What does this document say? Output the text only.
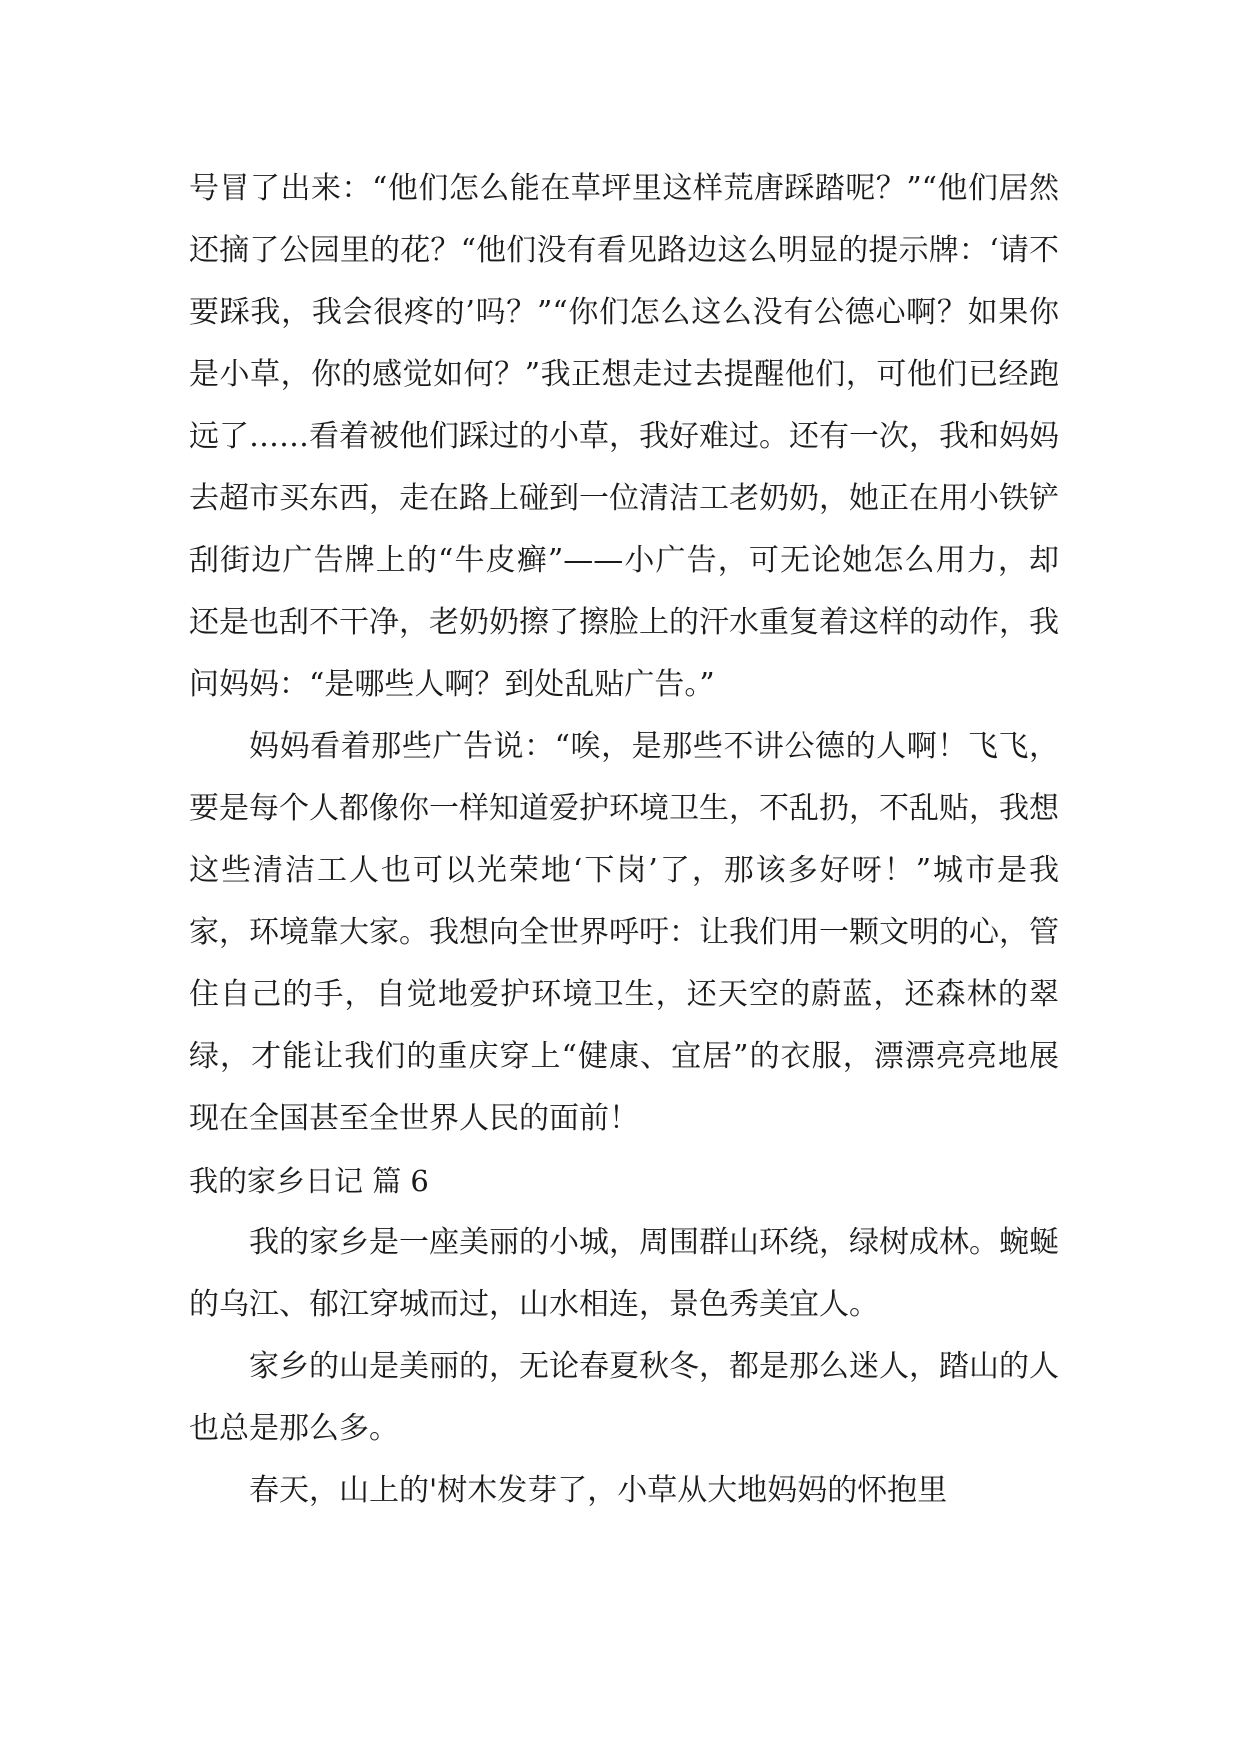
号冒了出来：“他们怎么能在草坪里这样荒唐踩踏呢？”“他们居然还摘了公园里的花？“他们没有看见路边这么明显的提示牌：‘请不要踩我，我会很疼的’吗？”“你们怎么这么没有公德心啊？如果你是小草，你的感觉如何？”我正想走过去提醒他们，可他们已经跑远了……看着被他们踩过的小草，我好难过。还有一次，我和妈妈去超市买东西，走在路上碰到一位清洁工老奶奶，她正在用小铁铲刮街边广告牌上的“牛皮癣”——小广告，可无论她怎么用力，却还是也刮不干净，老奶奶擦了擦脸上的汗水重复着这样的动作，我问妈妈：“是哪些人啊？到处乱贴广告。”

妈妈看着那些广告说：“唉，是那些不讲公德的人啊！飞飞，要是每个人都像你一样知道爱护环境卫生，不乱扔，不乱贴，我想这些清洁工人也可以光荣地‘下岗’了，那该多好呀！”城市是我家，环境靠大家。我想向全世界呼吁：让我们用一颗文明的心，管住自己的手，自觉地爱护环境卫生，还天空的蔚蓝，还森林的翠绿，才能让我们的重庆穿上“健康、宜居”的衣服，漂漂亮亮地展现在全国甚至全世界人民的面前！

我的家乡日记 篇 6

我的家乡是一座美丽的小城，周围群山环绕，绿树成林。蜿蜒的乌江、郁江穿城而过，山水相连，景色秀美宜人。

家乡的山是美丽的，无论春夏秋冬，都是那么迷人，踏山的人也总是那么多。

春天，山上的'树木发芽了，小草从大地妈妈的怀抱里
